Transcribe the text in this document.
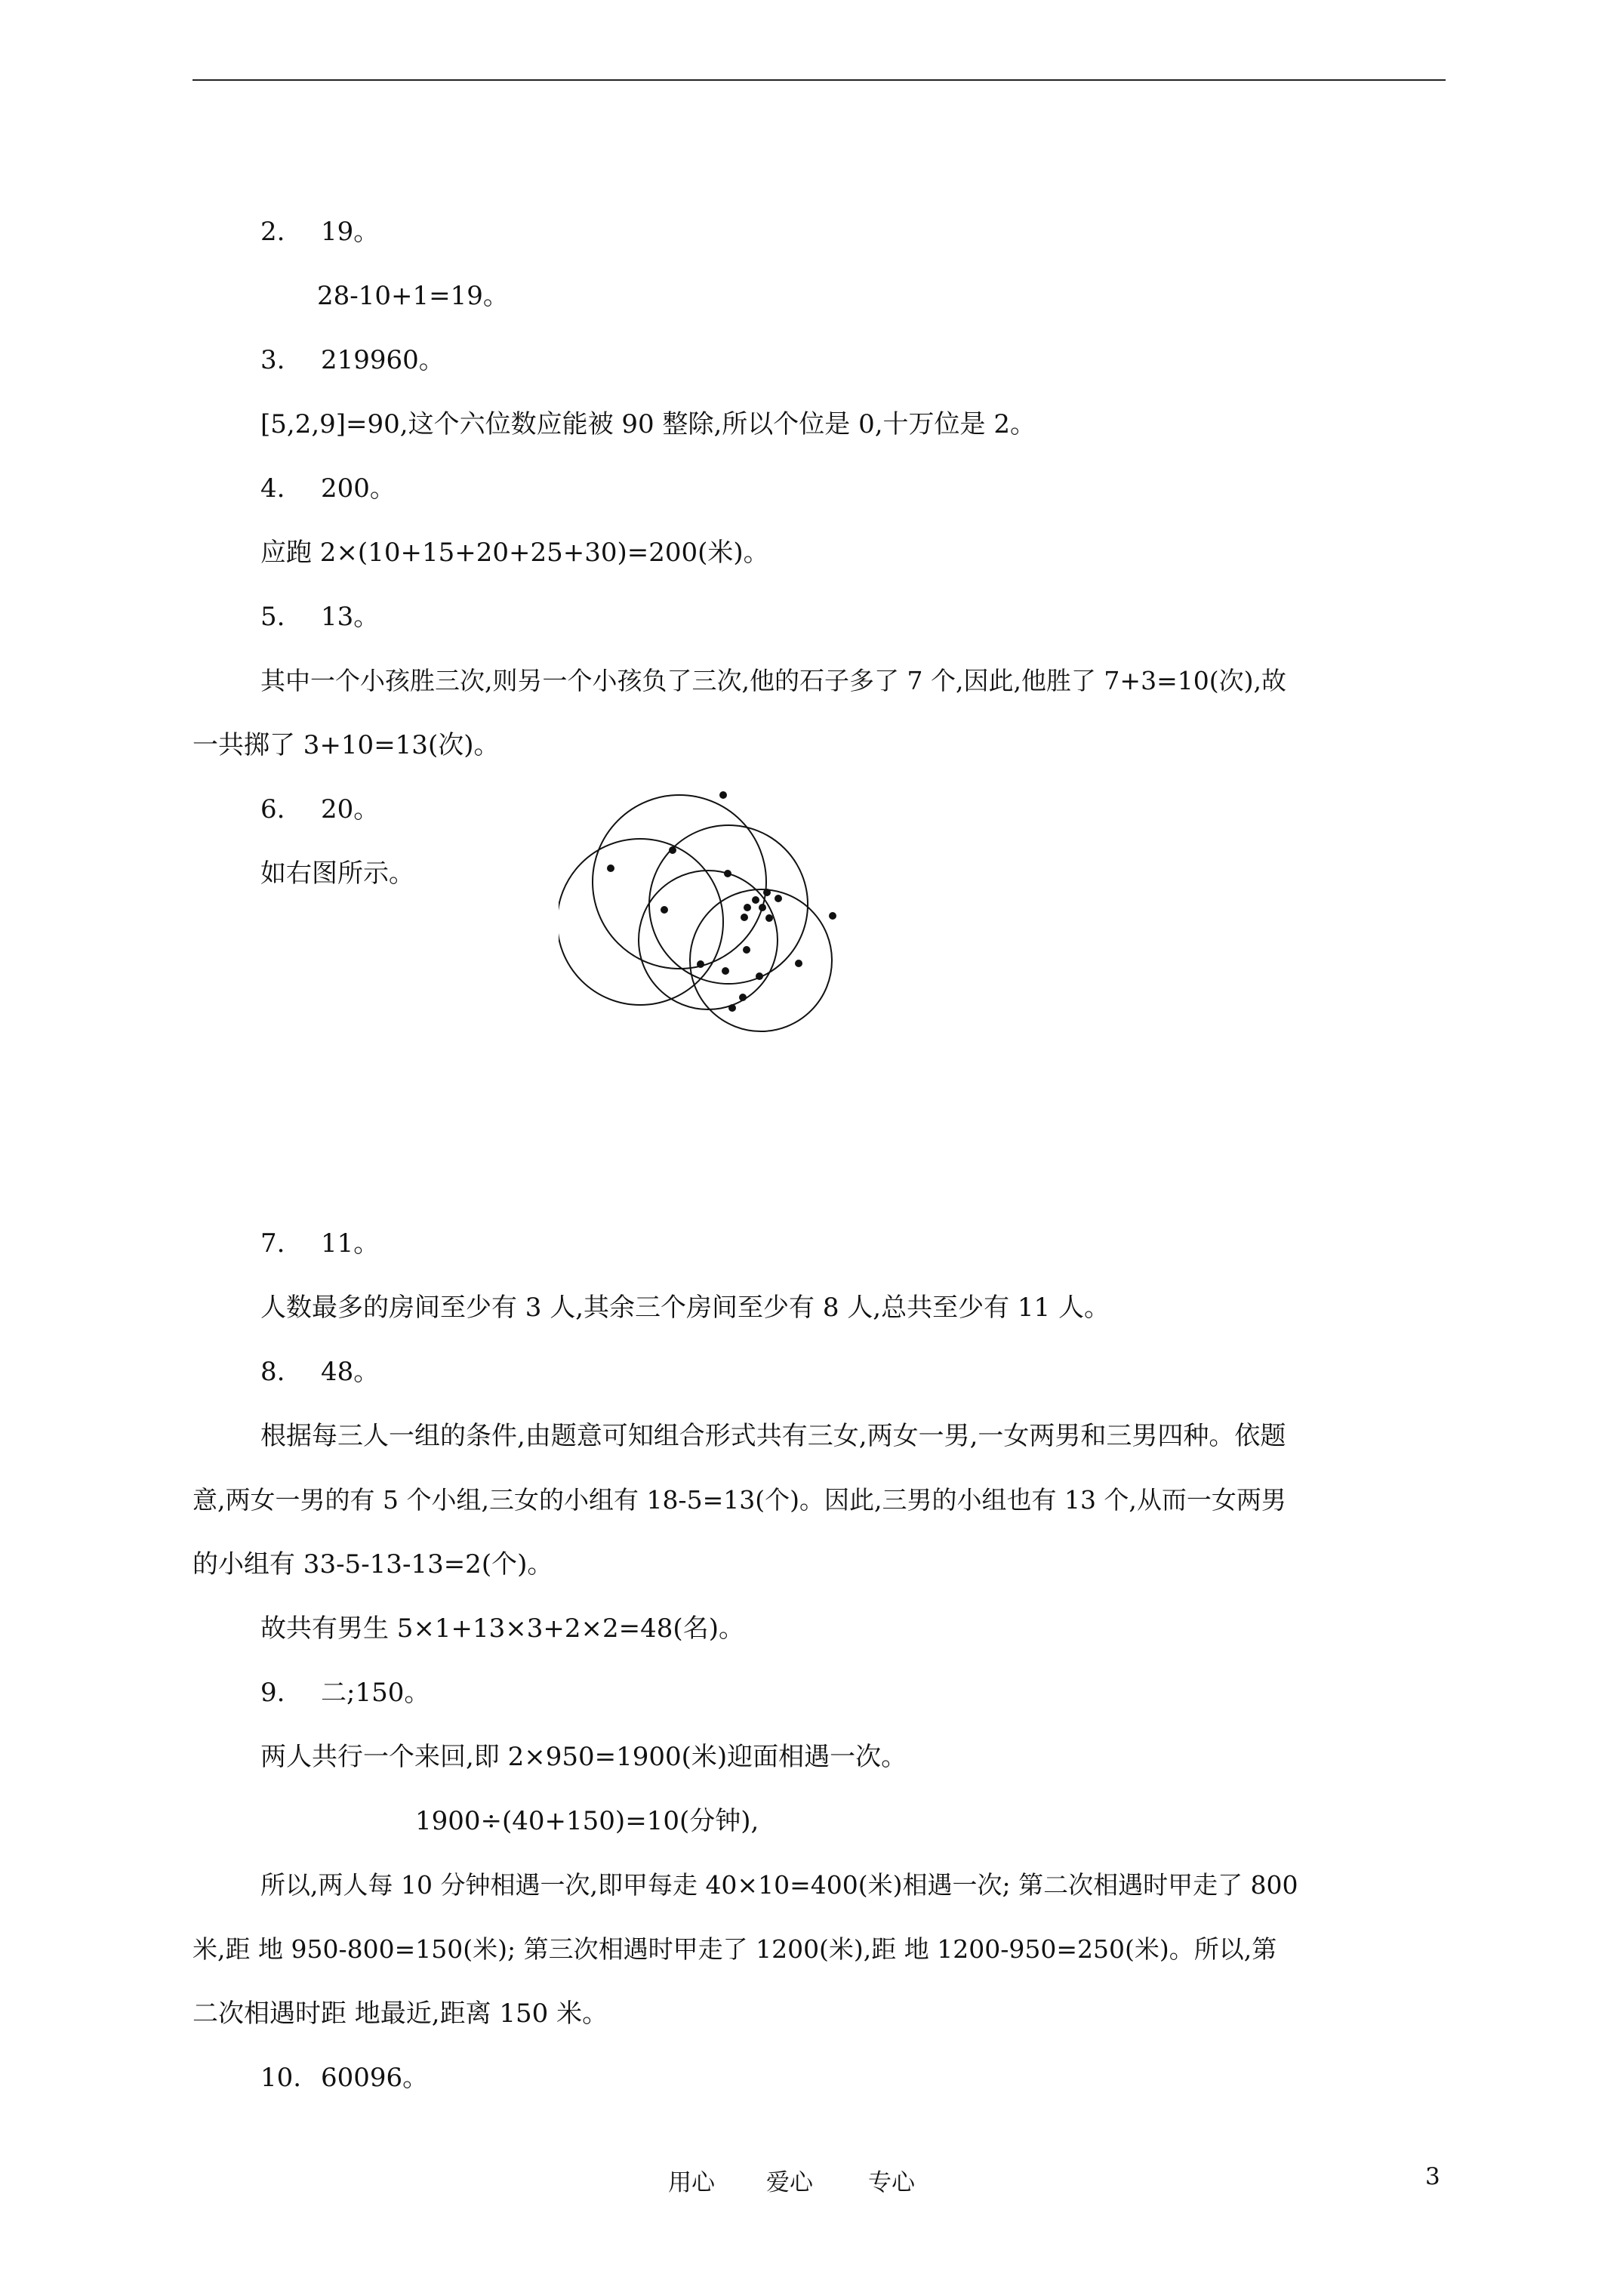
2. 19。
28-10+1=19。
3. 219960。
[5,2,9]=90,这个六位数应能被 90 整除,所以个位是 0,十万位是 2。
4. 200。
应跑 2×(10+15+20+25+30)=200(米)。
5. 13。
其中一个小孩胜三次,则另一个小孩负了三次,他的石子多了 7 个,因此,他胜了 7+3=10(次),故
一共掷了 3+10=13(次)。
6. 20。
如右图所示。
7. 11。
人数最多的房间至少有 3 人,其余三个房间至少有 8 人,总共至少有 11 人。
8. 48。
根据每三人一组的条件,由题意可知组合形式共有三女,两女一男,一女两男和三男四种。依题
意,两女一男的有 5 个小组,三女的小组有 18-5=13(个)。因此,三男的小组也有 13 个,从而一女两男
的小组有 33-5-13-13=2(个)。
故共有男生 5×1+13×3+2×2=48(名)。
9. 二;150。
两人共行一个来回,即 2×950=1900(米)迎面相遇一次。
1900÷(40+150)=10(分钟),
所以,两人每 10 分钟相遇一次,即甲每走 40×10=400(米)相遇一次; 第二次相遇时甲走了 800
米,距 地 950-800=150(米); 第三次相遇时甲走了 1200(米),距 地 1200-950=250(米)。所以,第
二次相遇时距 地最近,距离 150 米。
10. 60096。
用心 爱心 专心	3
